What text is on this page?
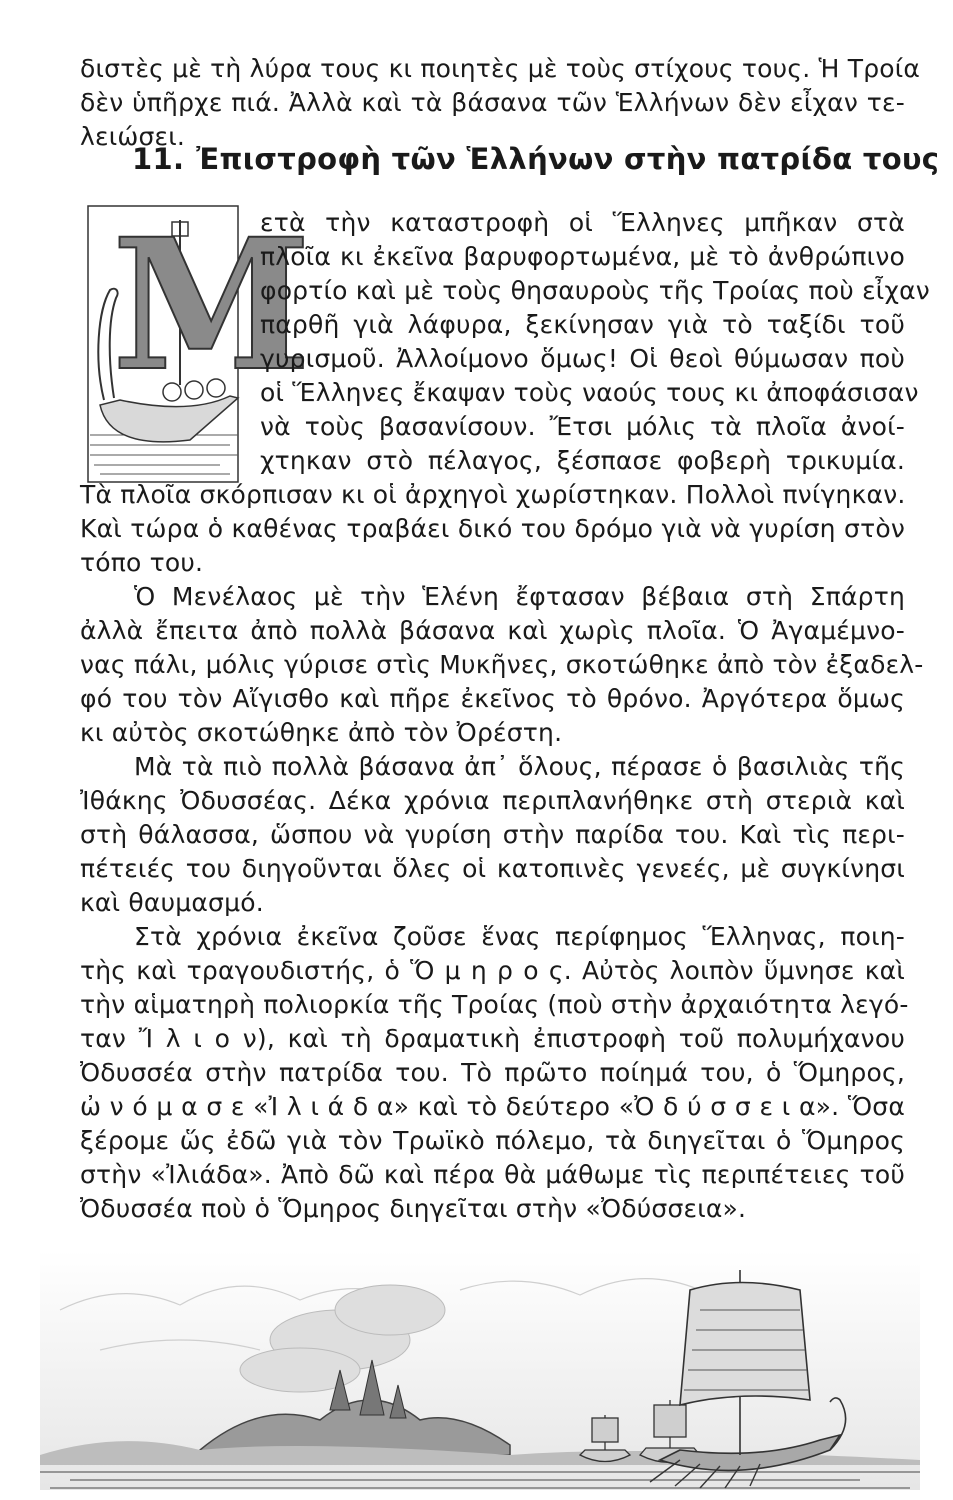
διστὲς μὲ τὴ λύρα τους κι ποιητὲς μὲ τοὺς στίχους τους. Ἡ Τροία
δὲν ὑπῆρχε πιά. Ἀλλὰ καὶ τὰ βάσανα τῶν Ἑλλήνων δὲν εἶχαν τε-
λειώσει.
11. Ἐπιστροφὴ τῶν Ἑλλήνων στὴν πατρίδα τους
Μ
ετὰ τὴν καταστροφὴ οἱ Ἕλληνες μπῆκαν στὰ
πλοῖα κι ἐκεῖνα βαρυφορτωμένα, μὲ τὸ ἀνθρώπινο
φορτίο καὶ μὲ τοὺς θησαυροὺς τῆς Τροίας ποὺ εἶχαν
παρθῆ γιὰ λάφυρα, ξεκίνησαν γιὰ τὸ ταξίδι τοῦ
γυρισμοῦ. Ἀλλοίμονο ὅμως! Οἱ θεοὶ θύμωσαν ποὺ
οἱ Ἕλληνες ἔκαψαν τοὺς ναούς τους κι ἀποφάσισαν
νὰ τοὺς βασανίσουν. Ἔτσι μόλις τὰ πλοῖα ἀνοί-
χτηκαν στὸ πέλαγος, ξέσπασε φοβερὴ τρικυμία.
Τὰ πλοῖα σκόρπισαν κι οἱ ἀρχηγοὶ χωρίστηκαν. Πολλοὶ πνίγηκαν.
Καὶ τώρα ὁ καθένας τραβάει δικό του δρόμο γιὰ νὰ γυρίση στὸν
τόπο του.
Ὁ Μενέλαος μὲ τὴν Ἑλένη ἔφτασαν βέβαια στὴ Σπάρτη
ἀλλὰ ἔπειτα ἀπὸ πολλὰ βάσανα καὶ χωρὶς πλοῖα. Ὁ Ἀγαμέμνο-
νας πάλι, μόλις γύρισε στὶς Μυκῆνες, σκοτώθηκε ἀπὸ τὸν ἐξαδελ-
φό του τὸν Αἴγισθο καὶ πῆρε ἐκεῖνος τὸ θρόνο. Ἀργότερα ὅμως
κι αὐτὸς σκοτώθηκε ἀπὸ τὸν Ὀρέστη.
Μὰ τὰ πιὸ πολλὰ βάσανα ἀπ᾽ ὅλους, πέρασε ὁ βασιλιὰς τῆς
Ἰθάκης Ὀδυσσέας. Δέκα χρόνια περιπλανήθηκε στὴ στεριὰ καὶ
στὴ θάλασσα, ὥσπου νὰ γυρίση στὴν παρίδα του. Καὶ τὶς περι-
πέτειές του διηγοῦνται ὅλες οἱ κατοπινὲς γενεές, μὲ συγκίνησι
καὶ θαυμασμό.
Στὰ χρόνια ἐκεῖνα ζοῦσε ἕνας περίφημος Ἕλληνας, ποιη-
τὴς καὶ τραγουδιστής, ὁ Ὅ μ η ρ ο ς. Αὐτὸς λοιπὸν ὕμνησε καὶ
τὴν αἱματηρὴ πολιορκία τῆς Τροίας (ποὺ στὴν ἀρχαιότητα λεγό-
ταν Ἴ λ ι ο ν), καὶ τὴ δραματικὴ ἐπιστροφὴ τοῦ πολυμήχανου
Ὀδυσσέα στὴν πατρίδα του. Τὸ πρῶτο ποίημά του, ὁ Ὅμηρος,
ὠ ν ό μ α σ ε «Ἰ λ ι ά δ α» καὶ τὸ δεύτερο «Ὀ δ ύ σ σ ε ι α». Ὅσα
ξέρομε ὥς ἐδῶ γιὰ τὸν Τρωϊκὸ πόλεμο, τὰ διηγεῖται ὁ Ὅμηρος
στὴν «Ἰλιάδα». Ἀπὸ δῶ καὶ πέρα θὰ μάθωμε τὶς περιπέτειες τοῦ
Ὀδυσσέα ποὺ ὁ Ὅμηρος διηγεῖται στὴν «Ὀδύσσεια».
